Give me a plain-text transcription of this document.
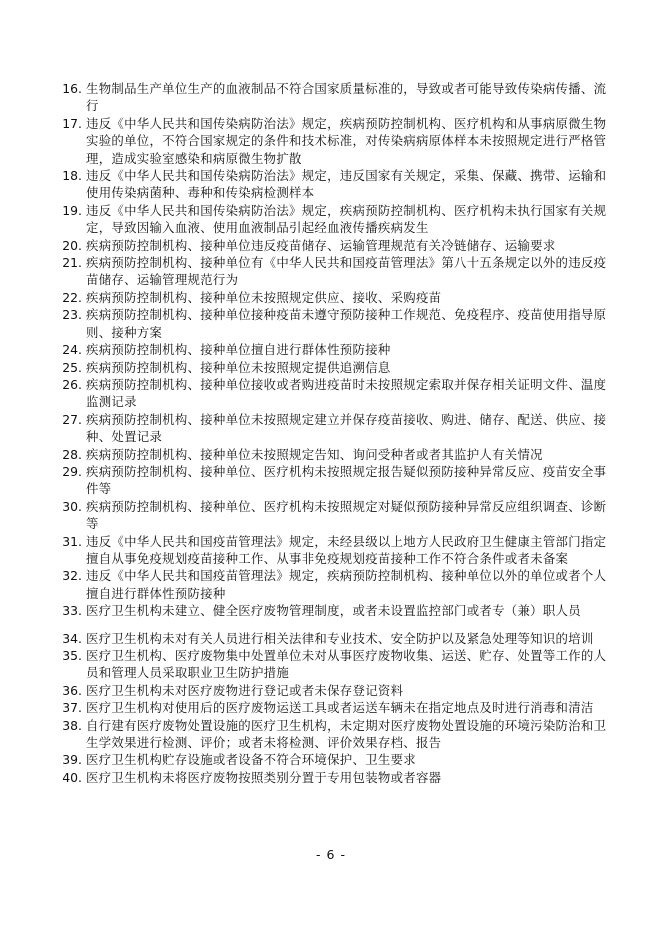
16. 生物制品生产单位生产的血液制品不符合国家质量标准的，导致或者可能导致传染病传播、流行
17. 违反《中华人民共和国传染病防治法》规定，疾病预防控制机构、医疗机构和从事病原微生物实验的单位，不符合国家规定的条件和技术标准，对传染病病原体样本未按照规定进行严格管理，造成实验室感染和病原微生物扩散
18. 违反《中华人民共和国传染病防治法》规定，违反国家有关规定，采集、保藏、携带、运输和使用传染病菌种、毒种和传染病检测样本
19. 违反《中华人民共和国传染病防治法》规定，疾病预防控制机构、医疗机构未执行国家有关规定，导致因输入血液、使用血液制品引起经血液传播疾病发生
20. 疾病预防控制机构、接种单位违反疫苗储存、运输管理规范有关冷链储存、运输要求
21. 疾病预防控制机构、接种单位有《中华人民共和国疫苗管理法》第八十五条规定以外的违反疫苗储存、运输管理规范行为
22. 疾病预防控制机构、接种单位未按照规定供应、接收、采购疫苗
23. 疾病预防控制机构、接种单位接种疫苗未遵守预防接种工作规范、免疫程序、疫苗使用指导原则、接种方案
24. 疾病预防控制机构、接种单位擅自进行群体性预防接种
25. 疾病预防控制机构、接种单位未按照规定提供追溯信息
26. 疾病预防控制机构、接种单位接收或者购进疫苗时未按照规定索取并保存相关证明文件、温度监测记录
27. 疾病预防控制机构、接种单位未按照规定建立并保存疫苗接收、购进、储存、配送、供应、接种、处置记录
28. 疾病预防控制机构、接种单位未按照规定告知、询问受种者或者其监护人有关情况
29. 疾病预防控制机构、接种单位、医疗机构未按照规定报告疑似预防接种异常反应、疫苗安全事件等
30. 疾病预防控制机构、接种单位、医疗机构未按照规定对疑似预防接种异常反应组织调查、诊断等
31. 违反《中华人民共和国疫苗管理法》规定，未经县级以上地方人民政府卫生健康主管部门指定擅自从事免疫规划疫苗接种工作、从事非免疫规划疫苗接种工作不符合条件或者未备案
32. 违反《中华人民共和国疫苗管理法》规定，疾病预防控制机构、接种单位以外的单位或者个人擅自进行群体性预防接种
33. 医疗卫生机构未建立、健全医疗废物管理制度，或者未设置监控部门或者专（兼）职人员
34. 医疗卫生机构未对有关人员进行相关法律和专业技术、安全防护以及紧急处理等知识的培训
35. 医疗卫生机构、医疗废物集中处置单位未对从事医疗废物收集、运送、贮存、处置等工作的人员和管理人员采取职业卫生防护措施
36. 医疗卫生机构未对医疗废物进行登记或者未保存登记资料
37. 医疗卫生机构对使用后的医疗废物运送工具或者运送车辆未在指定地点及时进行消毒和清洁
38. 自行建有医疗废物处置设施的医疗卫生机构，未定期对医疗废物处置设施的环境污染防治和卫生学效果进行检测、评价；或者未将检测、评价效果存档、报告
39. 医疗卫生机构贮存设施或者设备不符合环境保护、卫生要求
40. 医疗卫生机构未将医疗废物按照类别分置于专用包装物或者容器
- 6 -
